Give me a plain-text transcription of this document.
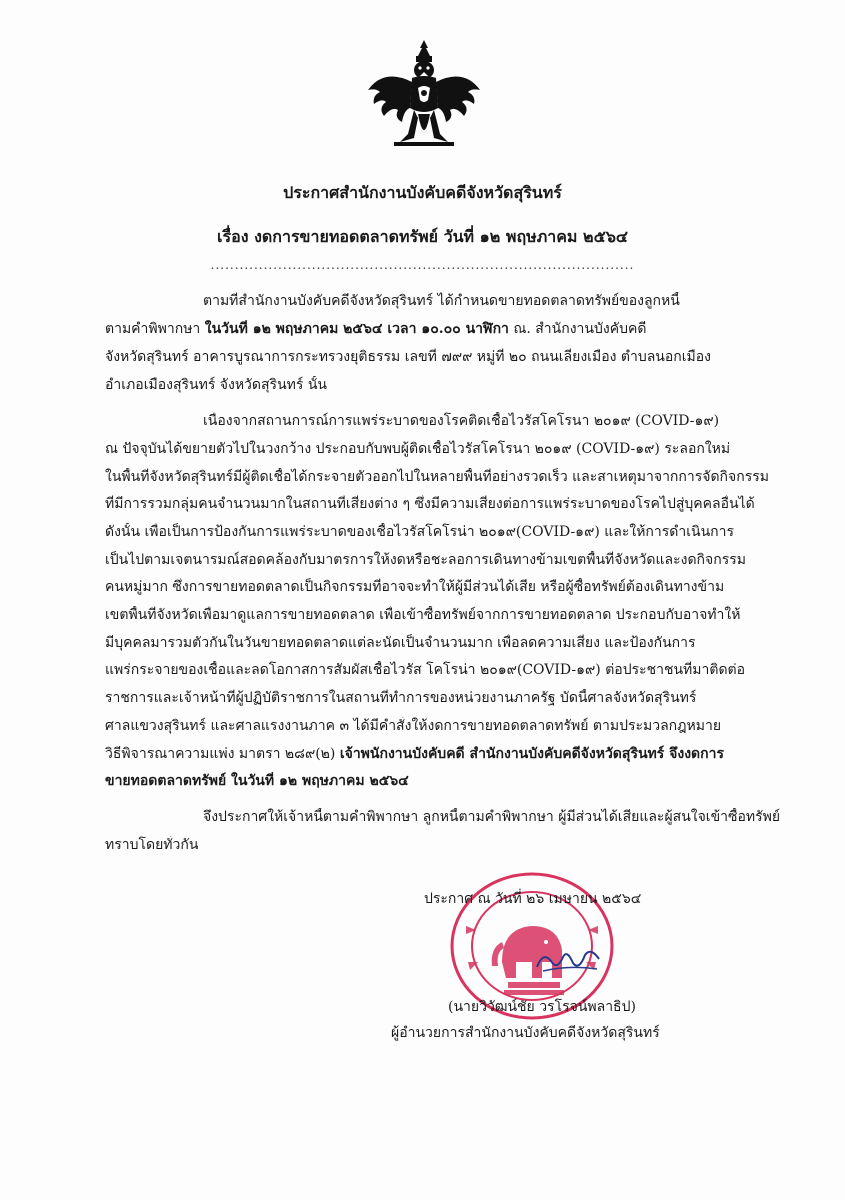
ประกาศสำนักงานบังคับคดีจังหวัดสุรินทร์
เรื่อง งดการขายทอดตลาดทรัพย์ วันที่ ๑๒ พฤษภาคม ๒๕๖๔
........................................................................................
ตามที่สำนักงานบังคับคดีจังหวัดสุรินทร์ ได้กำหนดขายทอดตลาดทรัพย์ของลูกหนี้
ตามคำพิพากษา ในวันที่ ๑๒ พฤษภาคม ๒๕๖๔ เวลา ๑๐.๐๐ นาฬิกา ณ. สำนักงานบังคับคดี
จังหวัดสุรินทร์ อาคารบูรณาการกระทรวงยุติธรรม เลขที่ ๗๙๙ หมู่ที่ ๒๐ ถนนเลี่ยงเมือง ตำบลนอกเมือง
อำเภอเมืองสุรินทร์ จังหวัดสุรินทร์ นั้น
เนื่องจากสถานการณ์การแพร่ระบาดของโรคติดเชื้อไวรัสโคโรนา ๒๐๑๙ (COVID-๑๙)
ณ ปัจจุบันได้ขยายตัวไปในวงกว้าง ประกอบกับพบผู้ติดเชื้อไวรัสโคโรนา ๒๐๑๙ (COVID-๑๙) ระลอกใหม่
ในพื้นที่จังหวัดสุรินทร์มีผู้ติดเชื้อได้กระจายตัวออกไปในหลายพื้นที่อย่างรวดเร็ว และสาเหตุมาจากการจัดกิจกรรม
ที่มีการรวมกลุ่มคนจำนวนมากในสถานที่เสี่ยงต่าง ๆ ซึ่งมีความเสี่ยงต่อการแพร่ระบาดของโรคไปสู่บุคคลอื่นได้
ดังนั้น เพื่อเป็นการป้องกันการแพร่ระบาดของเชื้อไวรัสโคโรน่า ๒๐๑๙(COVID-๑๙) และให้การดำเนินการ
เป็นไปตามเจตนารมณ์สอดคล้องกับมาตรการให้งดหรือชะลอการเดินทางข้ามเขตพื้นที่จังหวัดและงดกิจกรรม
คนหมู่มาก ซึ่งการขายทอดตลาดเป็นกิจกรรมที่อาจจะทำให้ผู้มีส่วนได้เสีย หรือผู้ซื้อทรัพย์ต้องเดินทางข้าม
เขตพื้นที่จังหวัดเพื่อมาดูแลการขายทอดตลาด เพื่อเข้าซื้อทรัพย์จากการขายทอดตลาด ประกอบกับอาจทำให้
มีบุคคลมารวมตัวกันในวันขายทอดตลาดแต่ละนัดเป็นจำนวนมาก เพื่อลดความเสี่ยง และป้องกันการ
แพร่กระจายของเชื้อและลดโอกาสการสัมผัสเชื้อไวรัส โคโรน่า ๒๐๑๙(COVID-๑๙) ต่อประชาชนที่มาติดต่อ
ราชการและเจ้าหน้าที่ผู้ปฏิบัติราชการในสถานที่ทำการของหน่วยงานภาครัฐ บัดนี้ศาลจังหวัดสุรินทร์
ศาลแขวงสุรินทร์ และศาลแรงงานภาค ๓ ได้มีคำสั่งให้งดการขายทอดตลาดทรัพย์ ตามประมวลกฎหมาย
วิธีพิจารณาความแพ่ง มาตรา ๒๘๙(๒) เจ้าพนักงานบังคับคดี สำนักงานบังคับคดีจังหวัดสุรินทร์ จึงงดการ
ขายทอดตลาดทรัพย์ ในวันที่ ๑๒ พฤษภาคม ๒๕๖๔
จึงประกาศให้เจ้าหนี้ตามคำพิพากษา ลูกหนี้ตามคำพิพากษา ผู้มีส่วนได้เสียและผู้สนใจเข้าซื้อทรัพย์
ทราบโดยทั่วกัน
ประกาศ ณ วันที่ ๒๖ เมษายน ๒๕๖๔
(นายวิวัฒน์ชัย วรโรจน์พลาธิป)
ผู้อำนวยการสำนักงานบังคับคดีจังหวัดสุรินทร์
